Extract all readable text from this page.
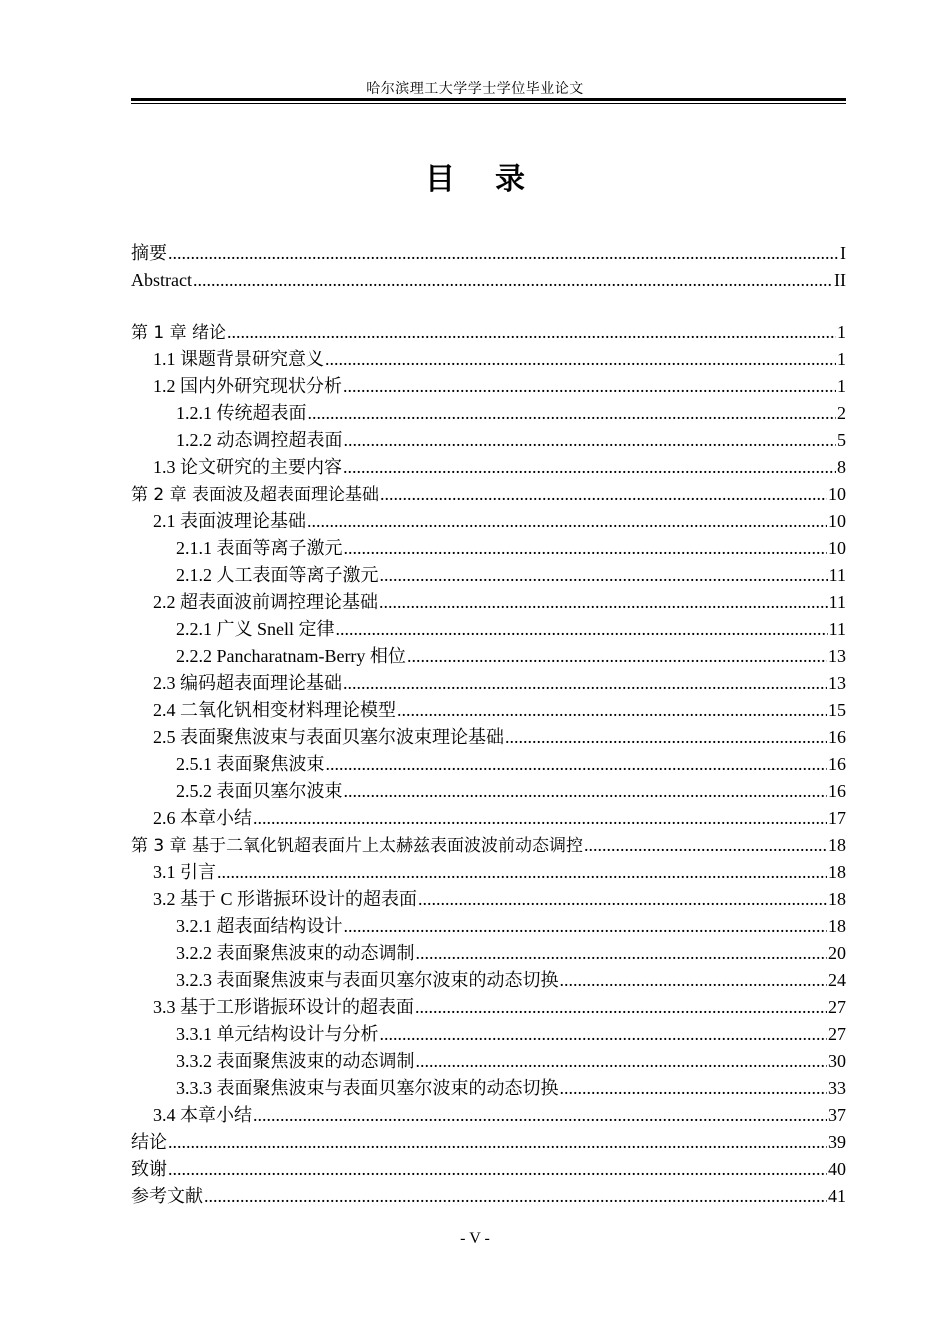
哈尔滨理工大学学士学位毕业论文
目 录
摘要 .....	I
Abstract .....	II
第 1 章 绪论 .....	1
1.1 课题背景研究意义 .....	1
1.2 国内外研究现状分析 .....	1
1.2.1 传统超表面 .....	2
1.2.2 动态调控超表面 .....	5
1.3 论文研究的主要内容 .....	8
第 2 章 表面波及超表面理论基础 .....	10
2.1 表面波理论基础 .....	10
2.1.1 表面等离子激元 .....	10
2.1.2 人工表面等离子激元 .....	11
2.2 超表面波前调控理论基础 .....	11
2.2.1 广义 Snell 定律 .....	11
2.2.2 Pancharatnam-Berry 相位 .....	13
2.3 编码超表面理论基础 .....	13
2.4 二氧化钒相变材料理论模型 .....	15
2.5 表面聚焦波束与表面贝塞尔波束理论基础 .....	16
2.5.1 表面聚焦波束 .....	16
2.5.2 表面贝塞尔波束 .....	16
2.6 本章小结 .....	17
第 3 章 基于二氧化钒超表面片上太赫兹表面波波前动态调控 .....	18
3.1 引言 .....	18
3.2 基于 C 形谐振环设计的超表面 .....	18
3.2.1 超表面结构设计 .....	18
3.2.2 表面聚焦波束的动态调制 .....	20
3.2.3 表面聚焦波束与表面贝塞尔波束的动态切换 .....	24
3.3 基于工形谐振环设计的超表面 .....	27
3.3.1 单元结构设计与分析 .....	27
3.3.2 表面聚焦波束的动态调制 .....	30
3.3.3 表面聚焦波束与表面贝塞尔波束的动态切换 .....	33
3.4 本章小结 .....	37
结论 .....	39
致谢 .....	40
参考文献 .....	41
- V -
